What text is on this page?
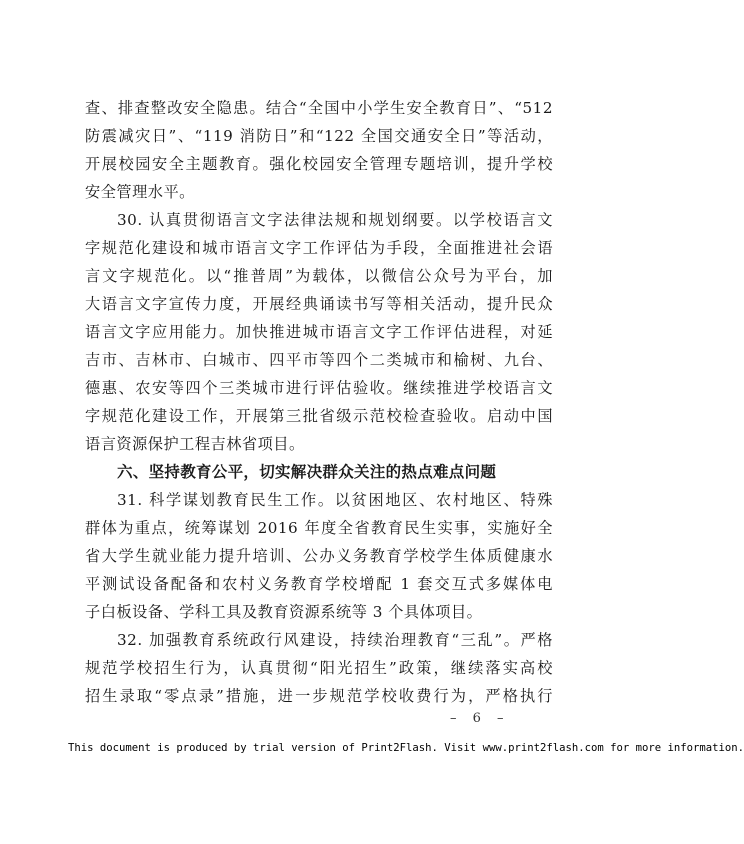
查、排查整改安全隐患。结合“全国中小学生安全教育日”、“512
防震减灾日”、“119 消防日”和“122 全国交通安全日”等活动，
开展校园安全主题教育。强化校园安全管理专题培训，提升学校
安全管理水平。
30. 认真贯彻语言文字法律法规和规划纲要。以学校语言文
字规范化建设和城市语言文字工作评估为手段，全面推进社会语
言文字规范化。以“推普周”为载体，以微信公众号为平台，加
大语言文字宣传力度，开展经典诵读书写等相关活动，提升民众
语言文字应用能力。加快推进城市语言文字工作评估进程，对延
吉市、吉林市、白城市、四平市等四个二类城市和榆树、九台、
德惠、农安等四个三类城市进行评估验收。继续推进学校语言文
字规范化建设工作，开展第三批省级示范校检查验收。启动中国
语言资源保护工程吉林省项目。
六、坚持教育公平，切实解决群众关注的热点难点问题
31. 科学谋划教育民生工作。以贫困地区、农村地区、特殊
群体为重点，统筹谋划 2016 年度全省教育民生实事，实施好全
省大学生就业能力提升培训、公办义务教育学校学生体质健康水
平测试设备配备和农村义务教育学校增配 1 套交互式多媒体电
子白板设备、学科工具及教育资源系统等 3 个具体项目。
32. 加强教育系统政行风建设，持续治理教育“三乱”。严格
规范学校招生行为，认真贯彻“阳光招生”政策，继续落实高校
招生录取“零点录”措施，进一步规范学校收费行为，严格执行
– 6 –
This document is produced by trial version of Print2Flash. Visit www.print2flash.com for more information.
